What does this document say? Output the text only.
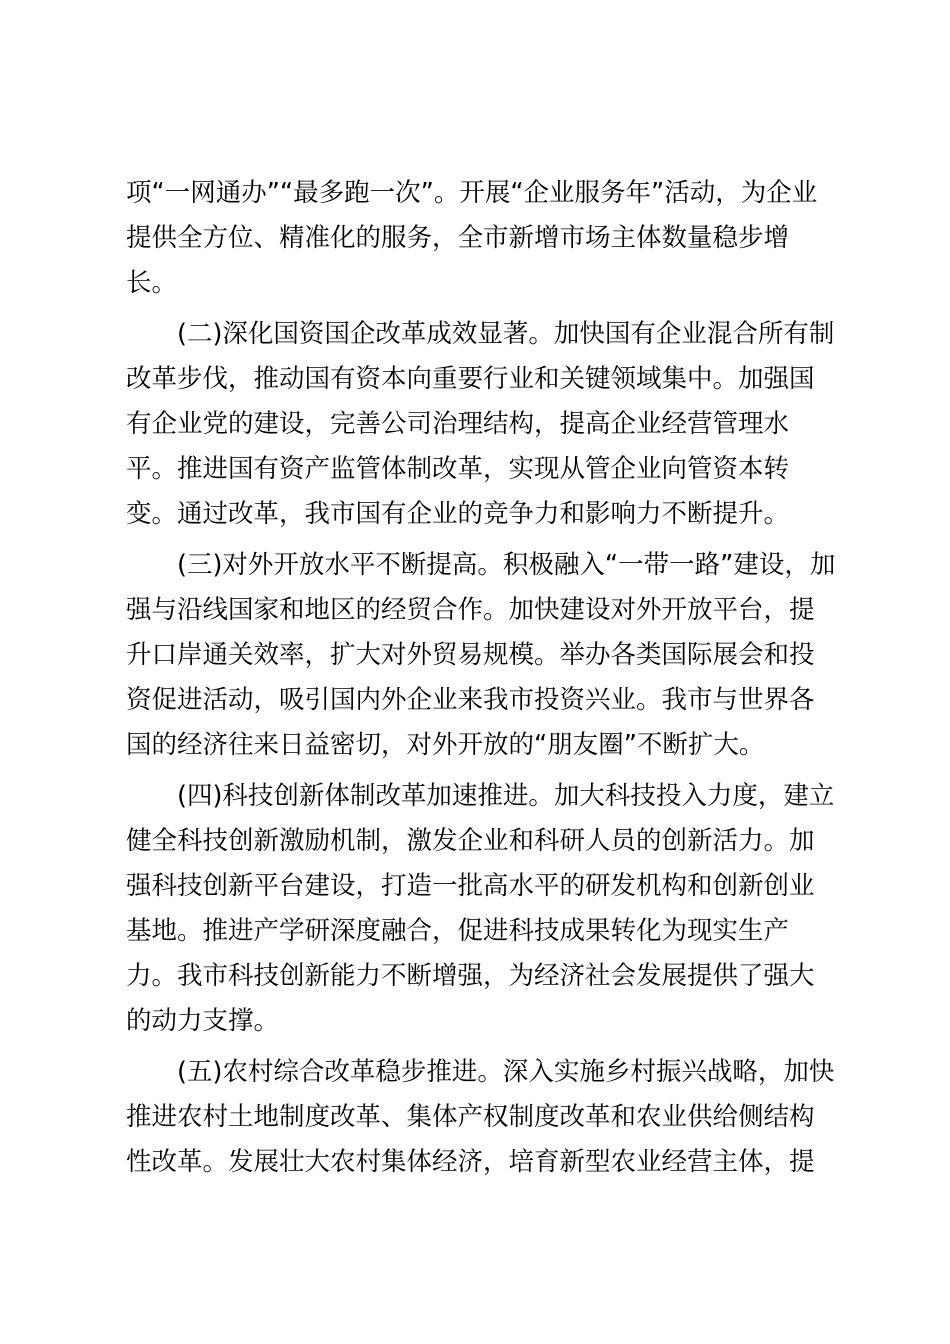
项“一网通办”“最多跑一次”。开展“企业服务年”活动，为企业
提供全方位、精准化的服务，全市新增市场主体数量稳步增
长。

　　(二)深化国资国企改革成效显著。加快国有企业混合所有制
改革步伐，推动国有资本向重要行业和关键领域集中。加强国
有企业党的建设，完善公司治理结构，提高企业经营管理水
平。推进国有资产监管体制改革，实现从管企业向管资本转
变。通过改革，我市国有企业的竞争力和影响力不断提升。

　　(三)对外开放水平不断提高。积极融入“一带一路”建设，加
强与沿线国家和地区的经贸合作。加快建设对外开放平台，提
升口岸通关效率，扩大对外贸易规模。举办各类国际展会和投
资促进活动，吸引国内外企业来我市投资兴业。我市与世界各
国的经济往来日益密切，对外开放的“朋友圈”不断扩大。

　　(四)科技创新体制改革加速推进。加大科技投入力度，建立
健全科技创新激励机制，激发企业和科研人员的创新活力。加
强科技创新平台建设，打造一批高水平的研发机构和创新创业
基地。推进产学研深度融合，促进科技成果转化为现实生产
力。我市科技创新能力不断增强，为经济社会发展提供了强大
的动力支撑。

　　(五)农村综合改革稳步推进。深入实施乡村振兴战略，加快
推进农村土地制度改革、集体产权制度改革和农业供给侧结构
性改革。发展壮大农村集体经济，培育新型农业经营主体，提
